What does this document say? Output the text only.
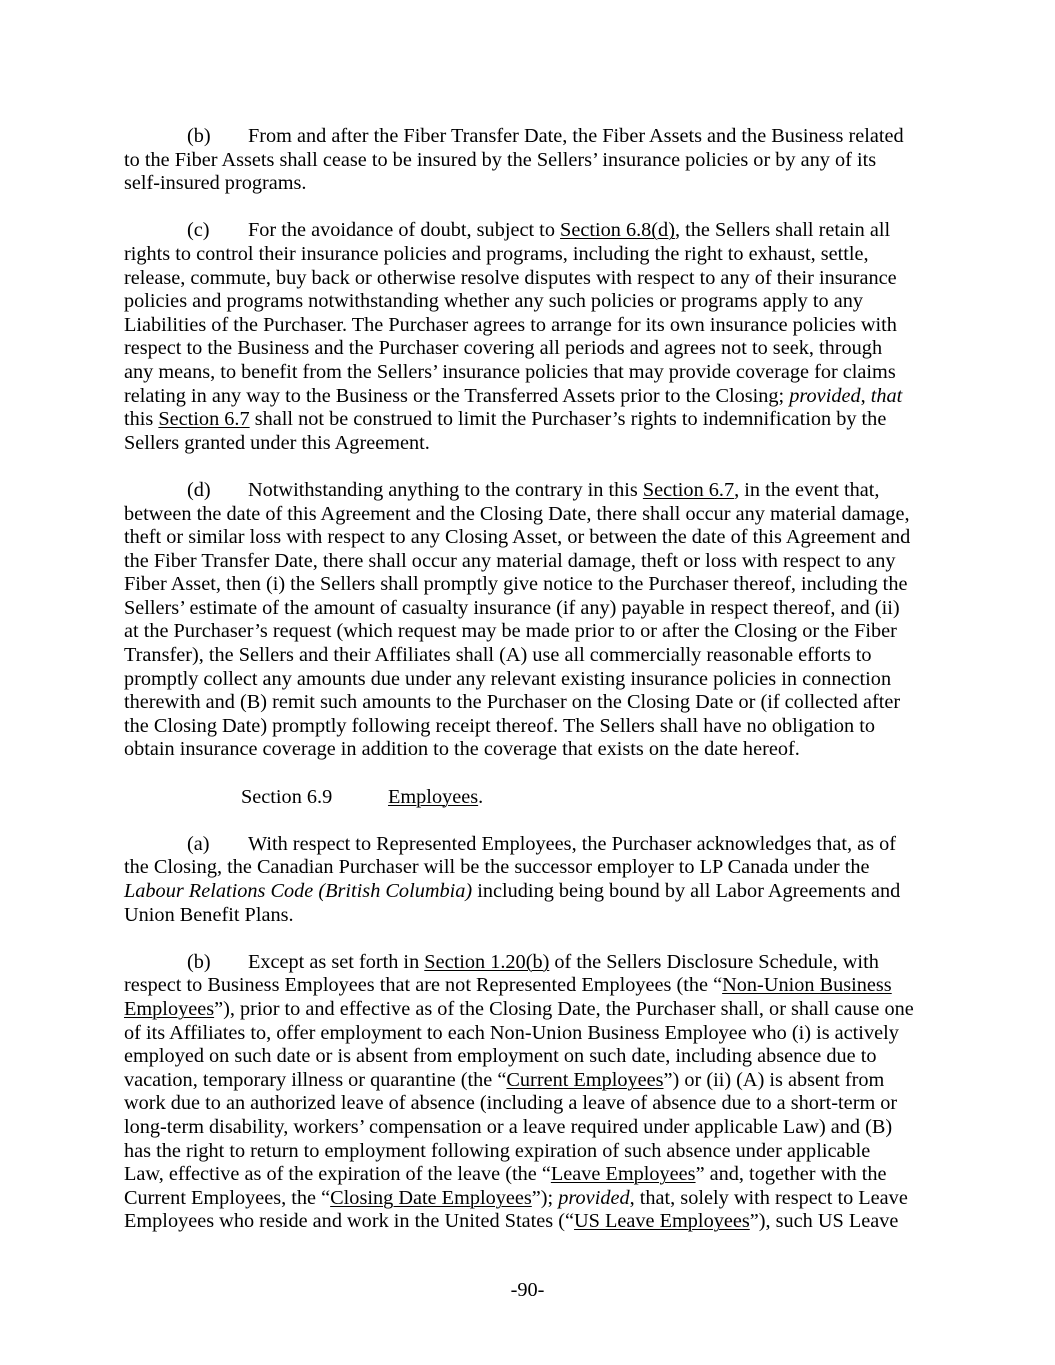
(b) From and after the Fiber Transfer Date, the Fiber Assets and the Business related
to the Fiber Assets shall cease to be insured by the Sellers’ insurance policies or by any of its
self-insured programs.
(c) For the avoidance of doubt, subject to Section 6.8(d), the Sellers shall retain all
rights to control their insurance policies and programs, including the right to exhaust, settle,
release, commute, buy back or otherwise resolve disputes with respect to any of their insurance
policies and programs notwithstanding whether any such policies or programs apply to any
Liabilities of the Purchaser. The Purchaser agrees to arrange for its own insurance policies with
respect to the Business and the Purchaser covering all periods and agrees not to seek, through
any means, to benefit from the Sellers’ insurance policies that may provide coverage for claims
relating in any way to the Business or the Transferred Assets prior to the Closing; provided, that
this Section 6.7 shall not be construed to limit the Purchaser’s rights to indemnification by the
Sellers granted under this Agreement.
(d) Notwithstanding anything to the contrary in this Section 6.7, in the event that,
between the date of this Agreement and the Closing Date, there shall occur any material damage,
theft or similar loss with respect to any Closing Asset, or between the date of this Agreement and
the Fiber Transfer Date, there shall occur any material damage, theft or loss with respect to any
Fiber Asset, then (i) the Sellers shall promptly give notice to the Purchaser thereof, including the
Sellers’ estimate of the amount of casualty insurance (if any) payable in respect thereof, and (ii)
at the Purchaser’s request (which request may be made prior to or after the Closing or the Fiber
Transfer), the Sellers and their Affiliates shall (A) use all commercially reasonable efforts to
promptly collect any amounts due under any relevant existing insurance policies in connection
therewith and (B) remit such amounts to the Purchaser on the Closing Date or (if collected after
the Closing Date) promptly following receipt thereof. The Sellers shall have no obligation to
obtain insurance coverage in addition to the coverage that exists on the date hereof.
Section 6.9	Employees.
(a) With respect to Represented Employees, the Purchaser acknowledges that, as of
the Closing, the Canadian Purchaser will be the successor employer to LP Canada under the
Labour Relations Code (British Columbia) including being bound by all Labor Agreements and
Union Benefit Plans.
(b) Except as set forth in Section 1.20(b) of the Sellers Disclosure Schedule, with
respect to Business Employees that are not Represented Employees (the “Non-Union Business
Employees”), prior to and effective as of the Closing Date, the Purchaser shall, or shall cause one
of its Affiliates to, offer employment to each Non-Union Business Employee who (i) is actively
employed on such date or is absent from employment on such date, including absence due to
vacation, temporary illness or quarantine (the “Current Employees”) or (ii) (A) is absent from
work due to an authorized leave of absence (including a leave of absence due to a short-term or
long-term disability, workers’ compensation or a leave required under applicable Law) and (B)
has the right to return to employment following expiration of such absence under applicable
Law, effective as of the expiration of the leave (the “Leave Employees” and, together with the
Current Employees, the “Closing Date Employees”); provided, that, solely with respect to Leave
Employees who reside and work in the United States (“US Leave Employees”), such US Leave
-90-
